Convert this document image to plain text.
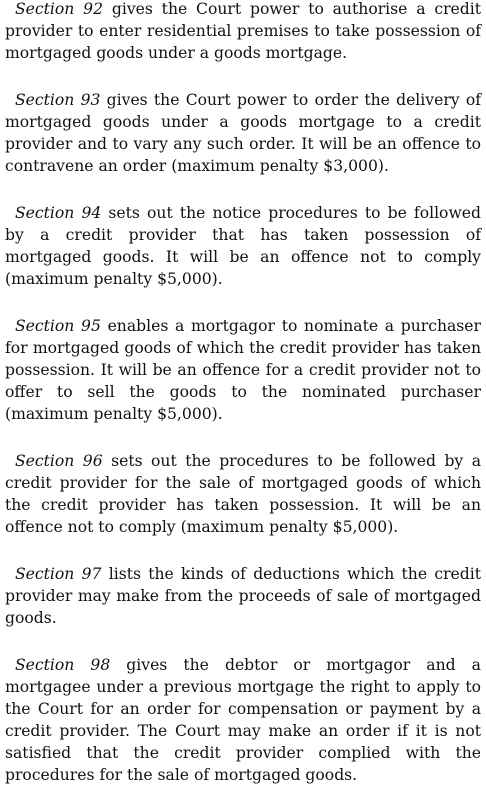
Section 92 gives the Court power to authorise a credit provider to enter residential premises to take possession of mortgaged goods under a goods mortgage.

Section 93 gives the Court power to order the delivery of mortgaged goods under a goods mortgage to a credit provider and to vary any such order. It will be an offence to contravene an order (maximum penalty $3,000).

Section 94 sets out the notice procedures to be followed by a credit provider that has taken possession of mortgaged goods. It will be an offence not to comply (maximum penalty $5,000).

Section 95 enables a mortgagor to nominate a purchaser for mortgaged goods of which the credit provider has taken possession. It will be an offence for a credit provider not to offer to sell the goods to the nominated purchaser (maximum penalty $5,000).

Section 96 sets out the procedures to be followed by a credit provider for the sale of mortgaged goods of which the credit provider has taken possession. It will be an offence not to comply (maximum penalty $5,000).

Section 97 lists the kinds of deductions which the credit provider may make from the proceeds of sale of mortgaged goods.

Section 98 gives the debtor or mortgagor and a mortgagee under a previous mortgage the right to apply to the Court for an order for compensation or payment by a credit provider. The Court may make an order if it is not satisfied that the credit provider complied with the procedures for the sale of mortgaged goods.
